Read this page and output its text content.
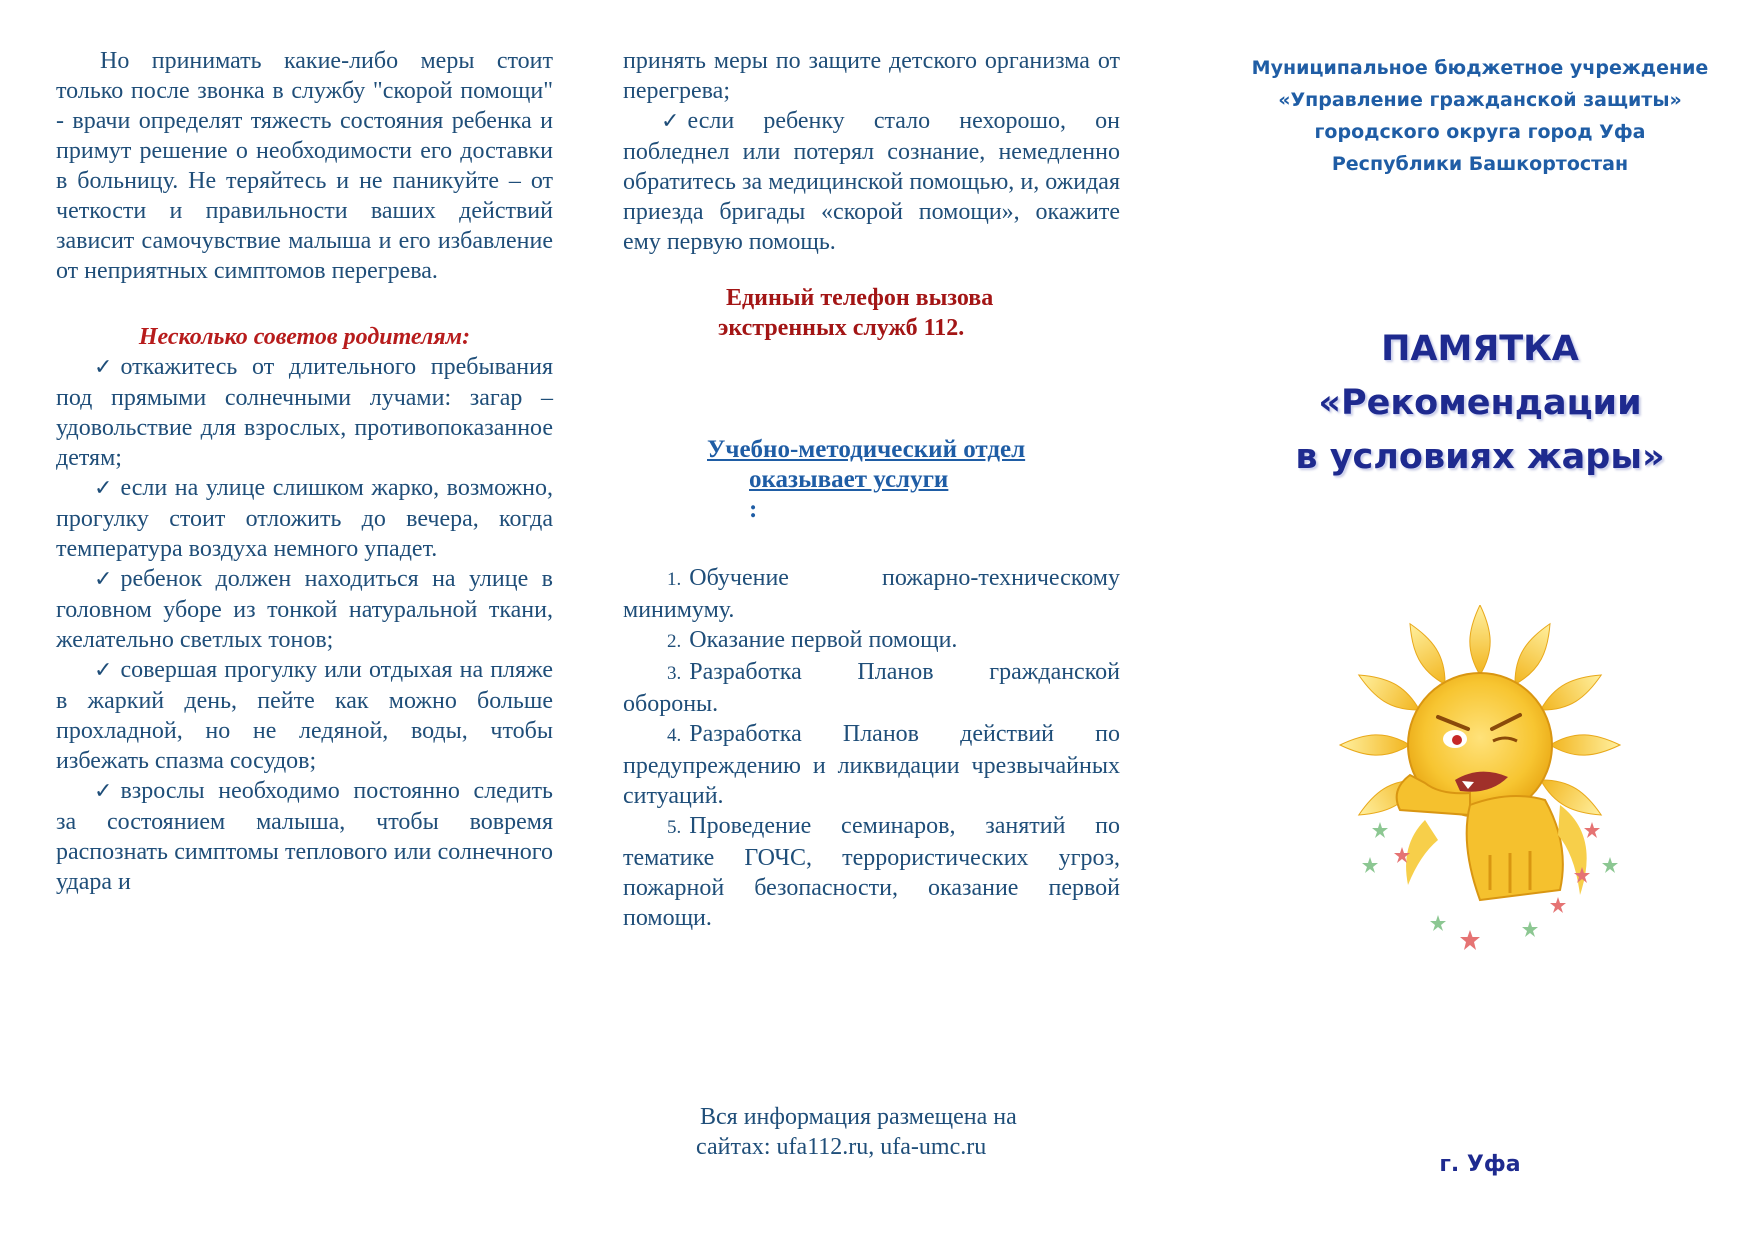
Но принимать какие-либо меры стоит только после звонка в службу "скорой помощи" - врачи определят тяжесть состояния ребенка и примут решение о необходимости его доставки в больницу. Не теряйтесь и не паникуйте – от четкости и правильности ваших действий зависит самочувствие малыша и его избавление от неприятных симптомов перегрева.

Несколько советов родителям:

✓ откажитесь от длительного пребывания под прямыми солнечными лучами: загар – удовольствие для взрослых, противопоказанное детям;

✓ если на улице слишком жарко, возможно, прогулку стоит отложить до вечера, когда температура воздуха немного упадет.

✓ ребенок должен находиться на улице в головном уборе из тонкой натуральной ткани, желательно светлых тонов;

✓ совершая прогулку или отдыхая на пляже в жаркий день, пейте как можно больше прохладной, но не ледяной, воды, чтобы избежать спазма сосудов;

✓ взрослы необходимо постоянно следить за состоянием малыша, чтобы вовремя распознать симптомы теплового или солнечного удара и

принять меры по защите детского организма от перегрева;

✓ если ребенку стало нехорошо, он побледнел или потерял сознание, немедленно обратитесь за медицинской помощью, и, ожидая приезда бригады «скорой помощи», окажите ему первую помощь.

Единый телефон вызова
экстренных служб 112.
Учебно-методический отдел
оказывает услуги
:
1. Обучение пожарно-техническому минимуму.
2. Оказание первой помощи.
3. Разработка Планов гражданской обороны.
4. Разработка Планов действий по предупреждению и ликвидации чрезвычайных ситуаций.
5. Проведение семинаров, занятий по тематике ГОЧС, террористических угроз, пожарной безопасности, оказание первой помощи.
Вся информация размещена на
сайтах: ufa112.ru, ufa-umc.ru
Муниципальное бюджетное учреждение
«Управление гражданской защиты»
городского округа город Уфа
Республики Башкортостан
ПАМЯТКА
«Рекомендации
в условиях жары»
г. Уфа
